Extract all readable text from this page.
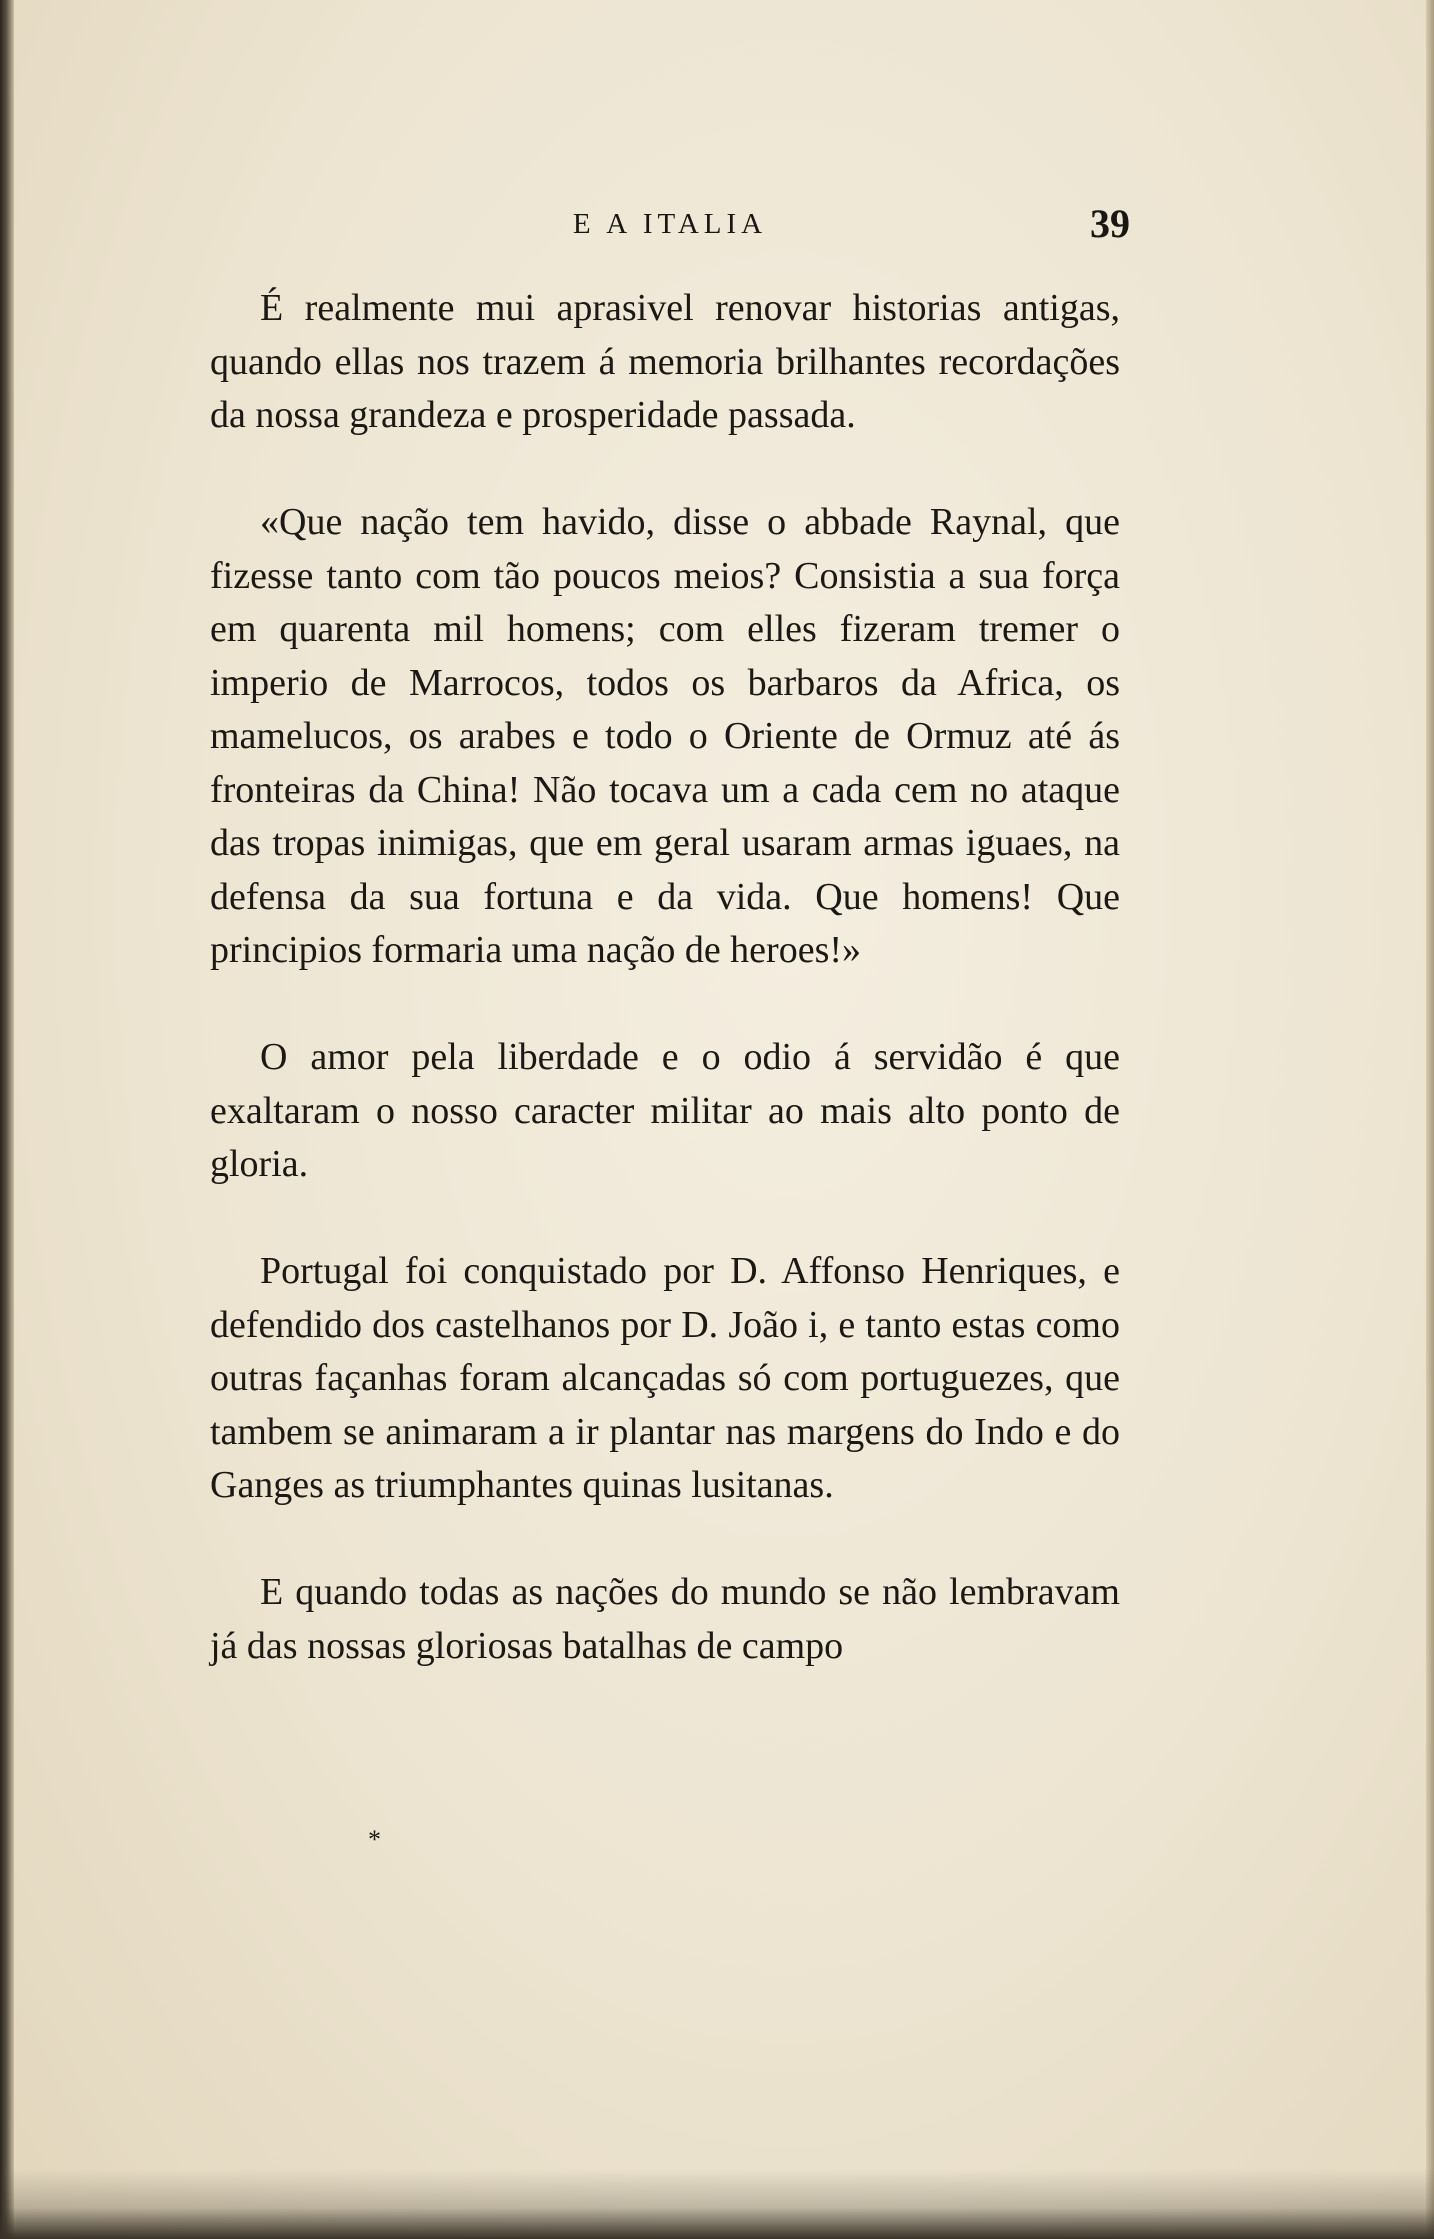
E A ITALIA	39

É realmente mui aprasivel renovar historias antigas, quando ellas nos trazem á memoria brilhantes recordações da nossa grandeza e prosperidade passada.

«Que nação tem havido, disse o abbade Raynal, que fizesse tanto com tão poucos meios? Consistia a sua força em quarenta mil homens; com elles fizeram tremer o imperio de Marrocos, todos os barbaros da Africa, os mamelucos, os arabes e todo o Oriente de Ormuz até ás fronteiras da China! Não tocava um a cada cem no ataque das tropas inimigas, que em geral usaram armas iguaes, na defensa da sua fortuna e da vida. Que homens! Que principios formaria uma nação de heroes!»

O amor pela liberdade e o odio á servidão é que exaltaram o nosso caracter militar ao mais alto ponto de gloria.

Portugal foi conquistado por D. Affonso Henriques, e defendido dos castelhanos por D. João i, e tanto estas como outras façanhas foram alcançadas só com portuguezes, que tambem se animaram a ir plantar nas margens do Indo e do Ganges as triumphantes quinas lusitanas.

E quando todas as nações do mundo se não lembravam já das nossas gloriosas batalhas de campo

*
